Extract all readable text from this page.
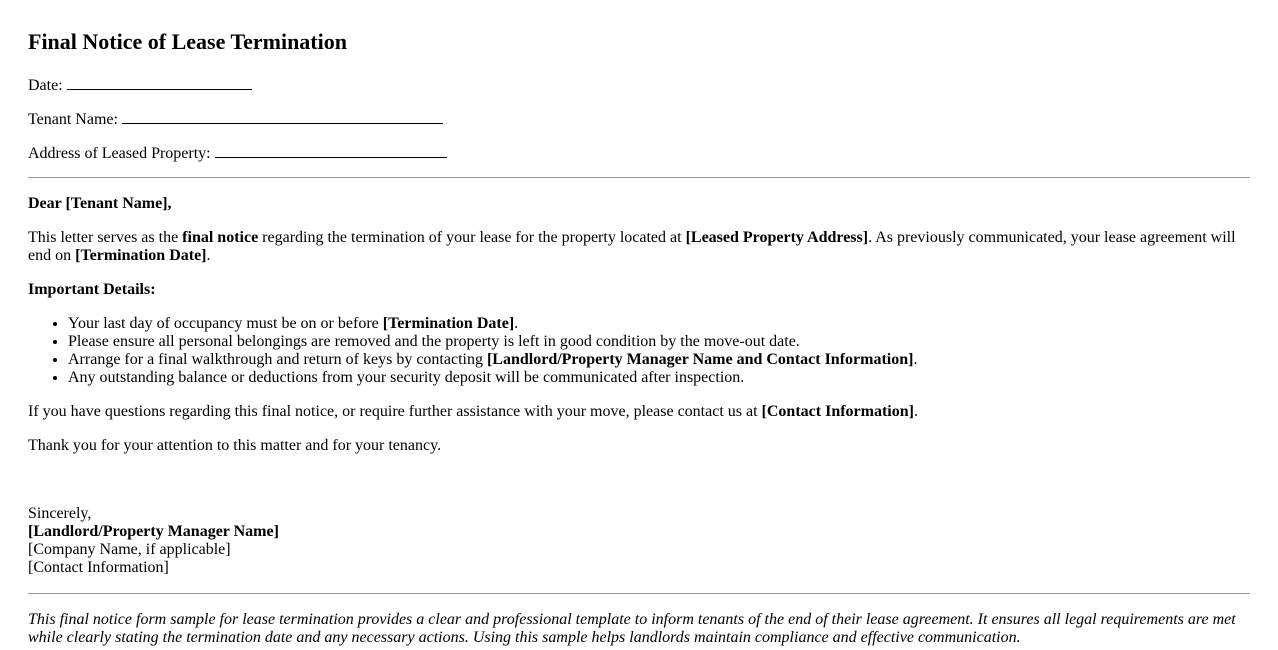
Final Notice of Lease Termination
Date:
Tenant Name:
Address of Leased Property:

Dear [Tenant Name],

This letter serves as the final notice regarding the termination of your lease for the property located at [Leased Property Address]. As previously communicated, your lease agreement will end on [Termination Date].

Important Details:

• Your last day of occupancy must be on or before [Termination Date].
• Please ensure all personal belongings are removed and the property is left in good condition by the move-out date.
• Arrange for a final walkthrough and return of keys by contacting [Landlord/Property Manager Name and Contact Information].
• Any outstanding balance or deductions from your security deposit will be communicated after inspection.

If you have questions regarding this final notice, or require further assistance with your move, please contact us at [Contact Information].

Thank you for your attention to this matter and for your tenancy.

Sincerely,
[Landlord/Property Manager Name]
[Company Name, if applicable]
[Contact Information]

This final notice form sample for lease termination provides a clear and professional template to inform tenants of the end of their lease agreement. It ensures all legal requirements are met while clearly stating the termination date and any necessary actions. Using this sample helps landlords maintain compliance and effective communication.
